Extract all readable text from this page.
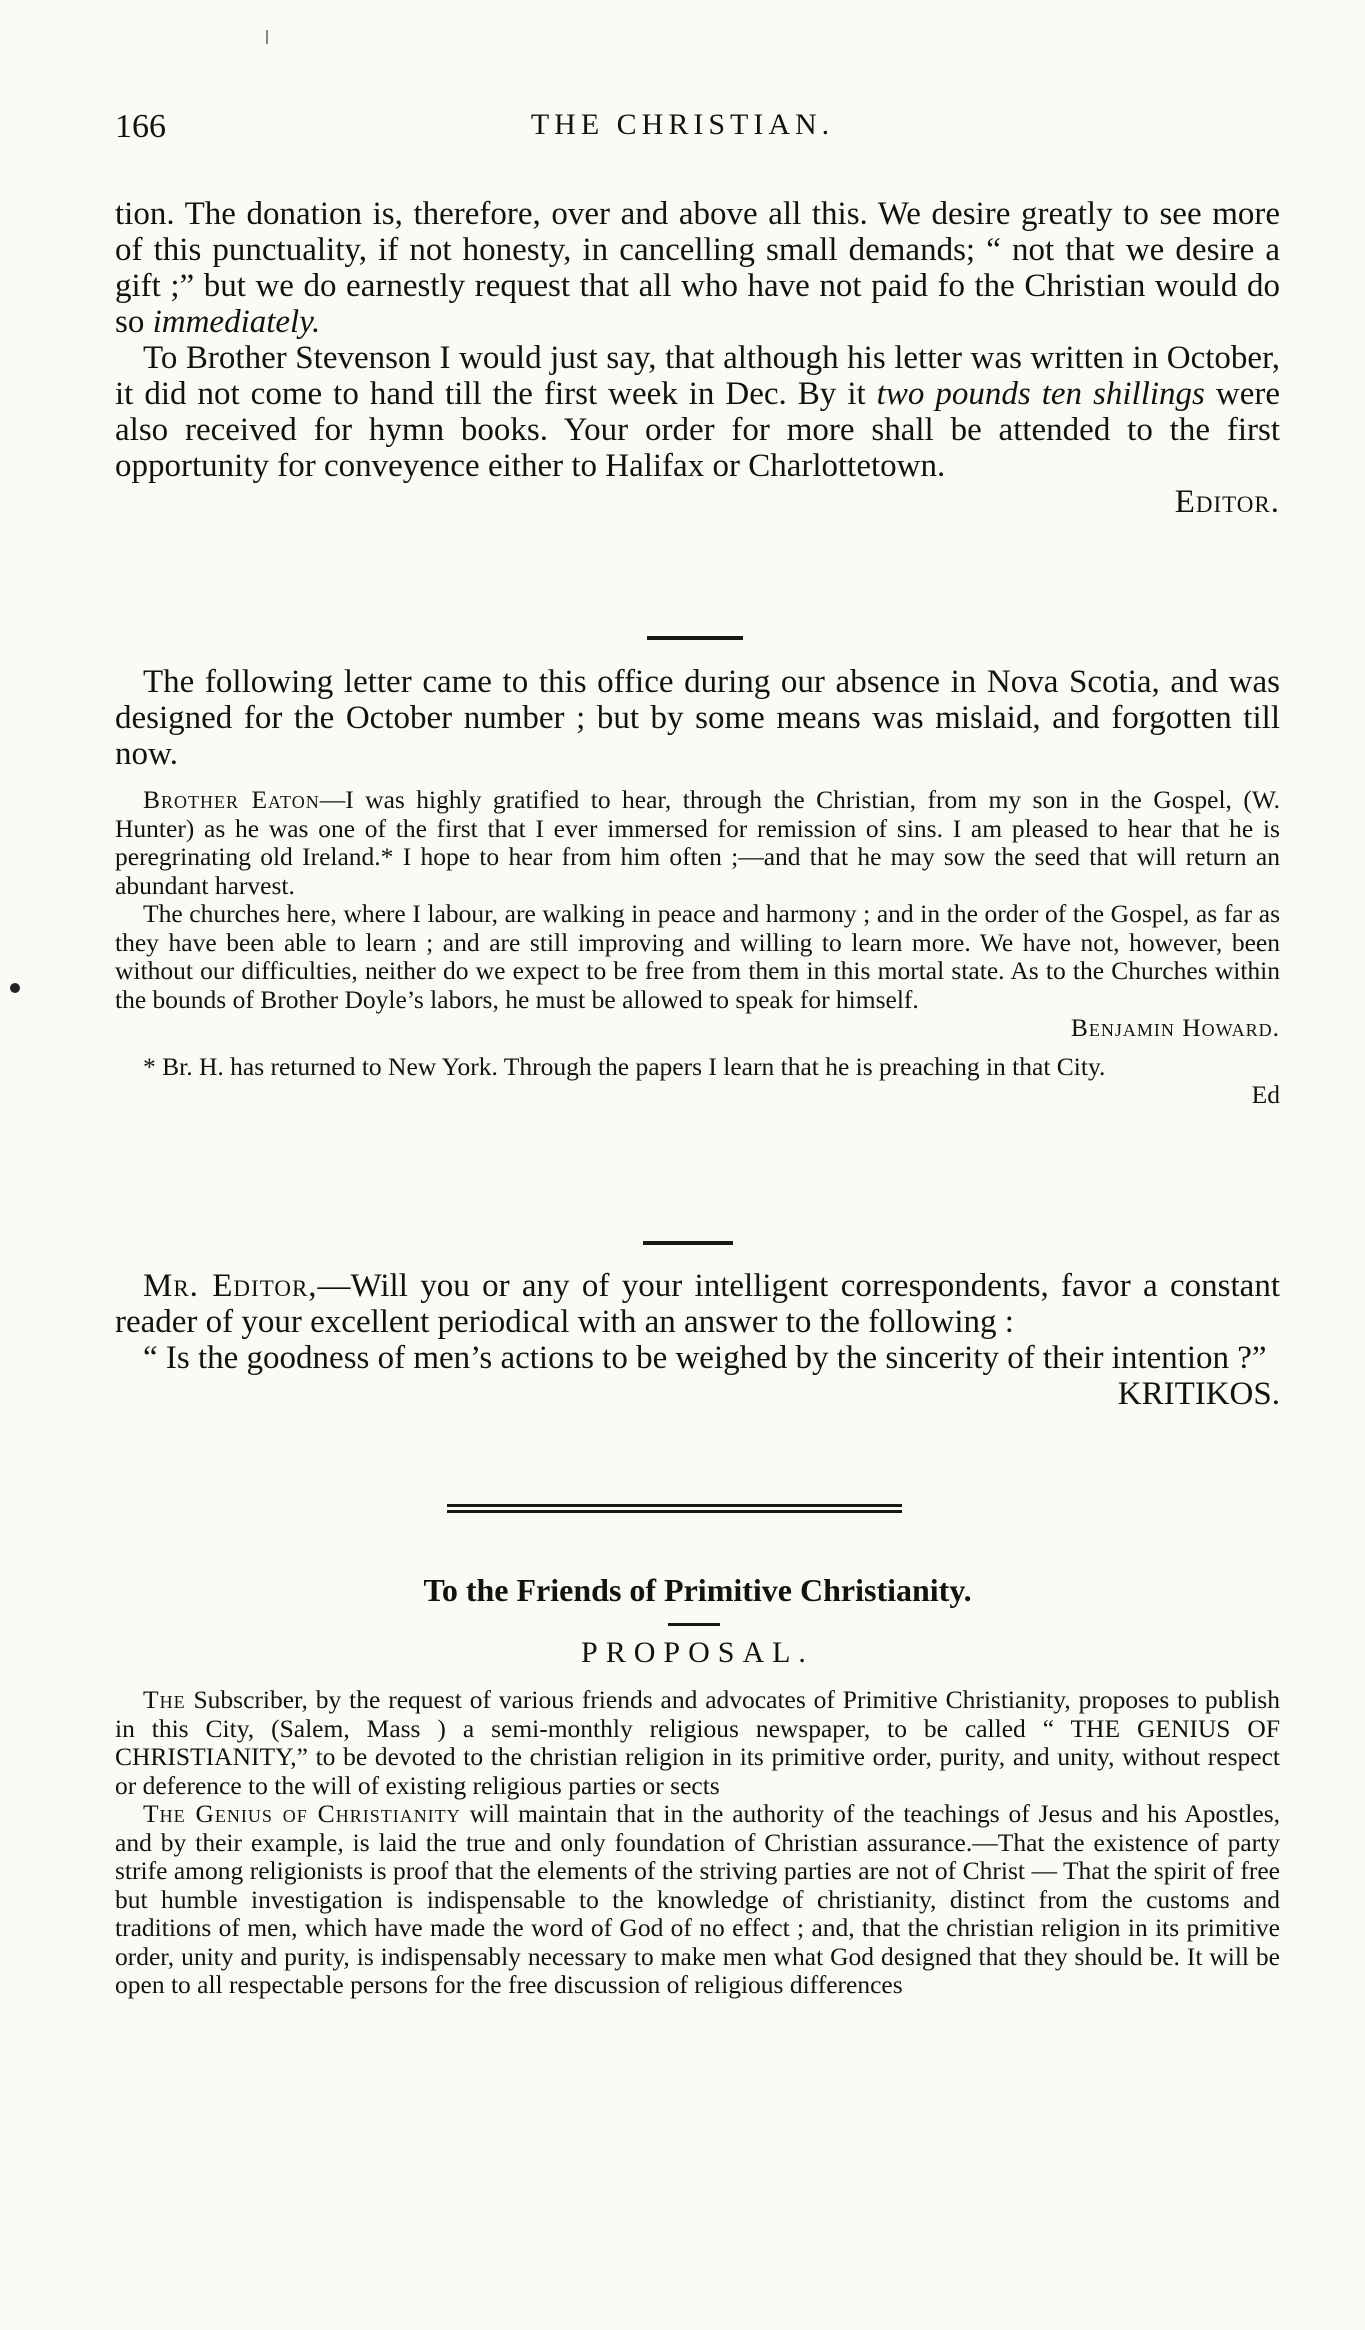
166	THE CHRISTIAN.

tion. The donation is, therefore, over and above all this. We desire greatly to see more of this punctuality, if not honesty, in cancelling small demands; “ not that we desire a gift ;” but we do earnestly request that all who have not paid fo the Christian would do so immediately.

To Brother Stevenson I would just say, that although his letter was written in October, it did not come to hand till the first week in Dec. By it two pounds ten shillings were also received for hymn books. Your order for more shall be attended to the first opportunity for conveyence either to Halifax or Charlottetown.
Editor.

The following letter came to this office during our absence in Nova Scotia, and was designed for the October number ; but by some means was mislaid, and forgotten till now.

Brother Eaton—I was highly gratified to hear, through the Christian, from my son in the Gospel, (W. Hunter) as he was one of the first that I ever immersed for remission of sins. I am pleased to hear that he is peregrinating old Ireland.* I hope to hear from him often ;—and that he may sow the seed that will return an abundant harvest.

The churches here, where I labour, are walking in peace and harmony ; and in the order of the Gospel, as far as they have been able to learn ; and are still improving and willing to learn more. We have not, however, been without our difficulties, neither do we expect to be free from them in this mortal state. As to the Churches within the bounds of Brother Doyle’s labors, he must be allowed to speak for himself.
Benjamin Howard.

* Br. H. has returned to New York. Through the papers I learn that he is preaching in that City.
Ed

Mr. Editor,—Will you or any of your intelligent correspondents, favor a constant reader of your excellent periodical with an answer to the following :

“ Is the goodness of men’s actions to be weighed by the sincerity of their intention ?”
KRITIKOS.

To the Friends of Primitive Christianity.
PROPOSAL.

The Subscriber, by the request of various friends and advocates of Primitive Christianity, proposes to publish in this City, (Salem, Mass ) a semi-monthly religious newspaper, to be called “ THE GENIUS OF CHRISTIANITY,” to be devoted to the christian religion in its primitive order, purity, and unity, without respect or deference to the will of existing religious parties or sects

The Genius of Christianity will maintain that in the authority of the teachings of Jesus and his Apostles, and by their example, is laid the true and only foundation of Christian assurance.—That the existence of party strife among religionists is proof that the elements of the striving parties are not of Christ — That the spirit of free but humble investigation is indispensable to the knowledge of christianity, distinct from the customs and traditions of men, which have made the word of God of no effect ; and, that the christian religion in its primitive order, unity and purity, is indispensably necessary to make men what God designed that they should be. It will be open to all respectable persons for the free discussion of religious differences
